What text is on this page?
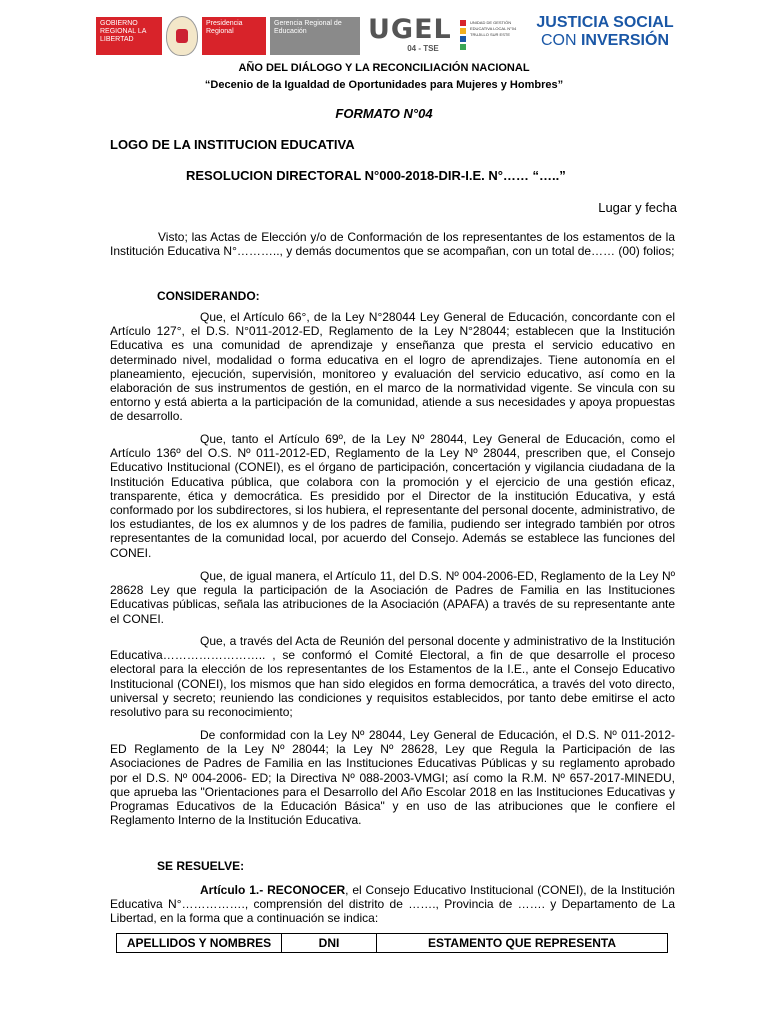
GOBIERNO REGIONAL LA LIBERTAD
Presidencia Regional
Gerencia Regional de Educación	UGEL
04 - TSE
UNIDAD DE GESTIÓN EDUCATIVA LOCAL N°04 TRUJILLO SUR ESTE
JUSTICIA SOCIAL
CON INVERSIÓN
AÑO DEL DIÁLOGO Y LA RECONCILIACIÓN NACIONAL
“Decenio de la Igualdad de Oportunidades para Mujeres y Hombres”
FORMATO N°04
LOGO DE LA INSTITUCION EDUCATIVA
RESOLUCION DIRECTORAL N°000-2018-DIR-I.E. N°…… “…..”
Lugar y fecha
Visto; las Actas de Elección y/o de Conformación de los representantes de los estamentos de la Institución Educativa N°……….., y demás documentos que se acompañan, con un total de…… (00) folios;
CONSIDERANDO:
Que, el Artículo 66°, de la Ley N°28044 Ley General de Educación, concordante con el Artículo 127°, el D.S. N°011-2012-ED, Reglamento de la Ley N°28044; establecen que la Institución Educativa es una comunidad de aprendizaje y enseñanza que presta el servicio educativo en determinado nivel, modalidad o forma educativa en el logro de aprendizajes. Tiene autonomía en el planeamiento, ejecución, supervisión, monitoreo y evaluación del servicio educativo, así como en la elaboración de sus instrumentos de gestión, en el marco de la normatividad vigente. Se vincula con su entorno y está abierta a la participación de la comunidad, atiende a sus necesidades y apoya propuestas de desarrollo.
Que, tanto el Artículo 69º, de la Ley Nº 28044, Ley General de Educación, como el Artículo 136º del O.S. Nº 011-2012-ED, Reglamento de la Ley Nº 28044, prescriben que, el Consejo Educativo Institucional (CONEI), es el órgano de participación, concertación y vigilancia ciudadana de la Institución Educativa pública, que colabora con la promoción y el ejercicio de una gestión eficaz, transparente, ética y democrática. Es presidido por el Director de la institución Educativa, y está conformado por los subdirectores, si los hubiera, el representante del personal docente, administrativo, de los estudiantes, de los ex alumnos y de los padres de familia, pudiendo ser integrado también por otros representantes de la comunidad local, por acuerdo del Consejo. Además se establece las funciones del CONEI.
Que, de igual manera, el Artículo 11, del D.S. Nº 004-2006-ED, Reglamento de la Ley Nº 28628 Ley que regula la participación de la Asociación de Padres de Familia en las Instituciones Educativas públicas, señala las atribuciones de la Asociación (APAFA) a través de su representante ante el CONEI.
Que, a través del Acta de Reunión del personal docente y administrativo de la Institución Educativa…………………….. , se conformó el Comité Electoral, a fin de que desarrolle el proceso electoral para la elección de los representantes de los Estamentos de la I.E., ante el Consejo Educativo Institucional (CONEI), los mismos que han sido elegidos en forma democrática, a través del voto directo, universal y secreto; reuniendo las condiciones y requisitos establecidos, por tanto debe emitirse el acto resolutivo para su reconocimiento;
De conformidad con la Ley Nº 28044, Ley General de Educación, el D.S. Nº 011-2012-ED Reglamento de la Ley Nº 28044; la Ley Nº 28628, Ley que Regula la Participación de las Asociaciones de Padres de Familia en las Instituciones Educativas Públicas y su reglamento aprobado por el D.S. Nº 004-2006- ED; la Directiva Nº 088-2003-VMGI; así como la R.M. Nº 657-2017-MINEDU, que aprueba las "Orientaciones para el Desarrollo del Año Escolar 2018 en las Instituciones Educativas y Programas Educativos de la Educación Básica" y en uso de las atribuciones que le confiere el Reglamento Interno de la Institución Educativa.
SE RESUELVE:
Artículo 1.- RECONOCER, el Consejo Educativo Institucional (CONEI), de la Institución Educativa N°……………., comprensión del distrito de ……., Provincia de ……. y Departamento de La Libertad, en la forma que a continuación se indica:
APELLIDOS Y NOMBRES	DNI	ESTAMENTO QUE REPRESENTA
